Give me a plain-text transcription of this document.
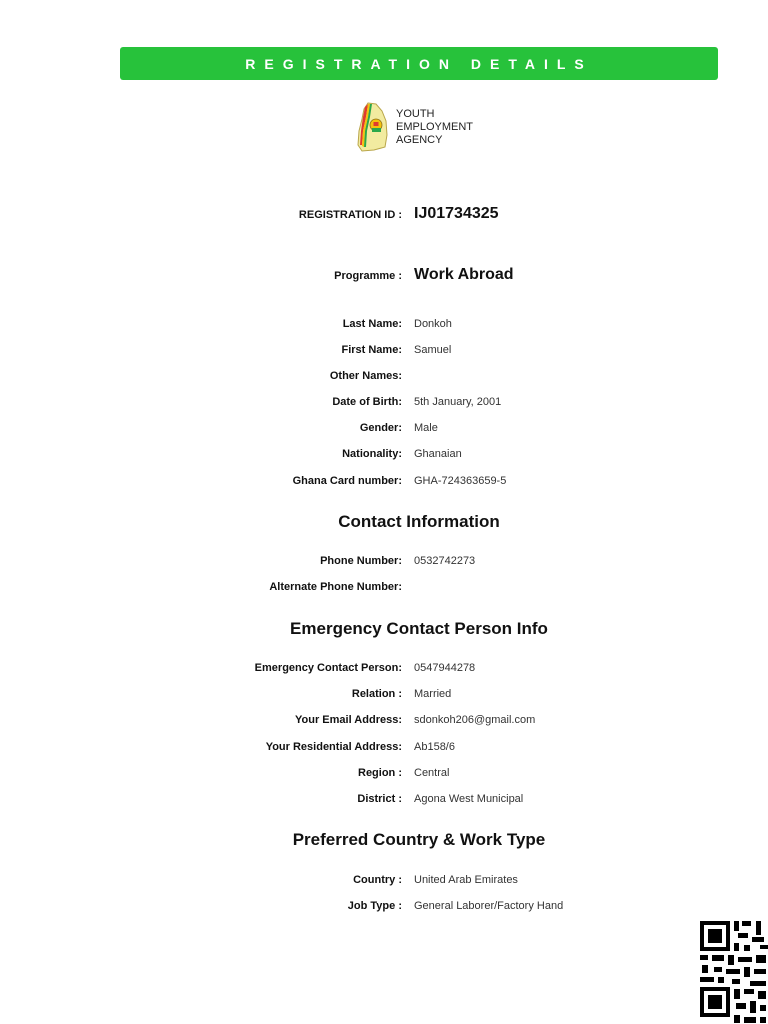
REGISTRATION DETAILS
YOUTH
EMPLOYMENT
AGENCY
REGISTRATION ID : IJ01734325
Programme : Work Abroad
Last Name: Donkoh
First Name: Samuel
Other Names:
Date of Birth: 5th January, 2001
Gender: Male
Nationality: Ghanaian
Ghana Card number: GHA-724363659-5
Contact Information
Phone Number: 0532742273
Alternate Phone Number:
Emergency Contact Person Info
Emergency Contact Person: 0547944278
Relation : Married
Your Email Address: sdonkoh206@gmail.com
Your Residential Address: Ab158/6
Region : Central
District : Agona West Municipal
Preferred Country & Work Type
Country : United Arab Emirates
Job Type : General Laborer/Factory Hand
